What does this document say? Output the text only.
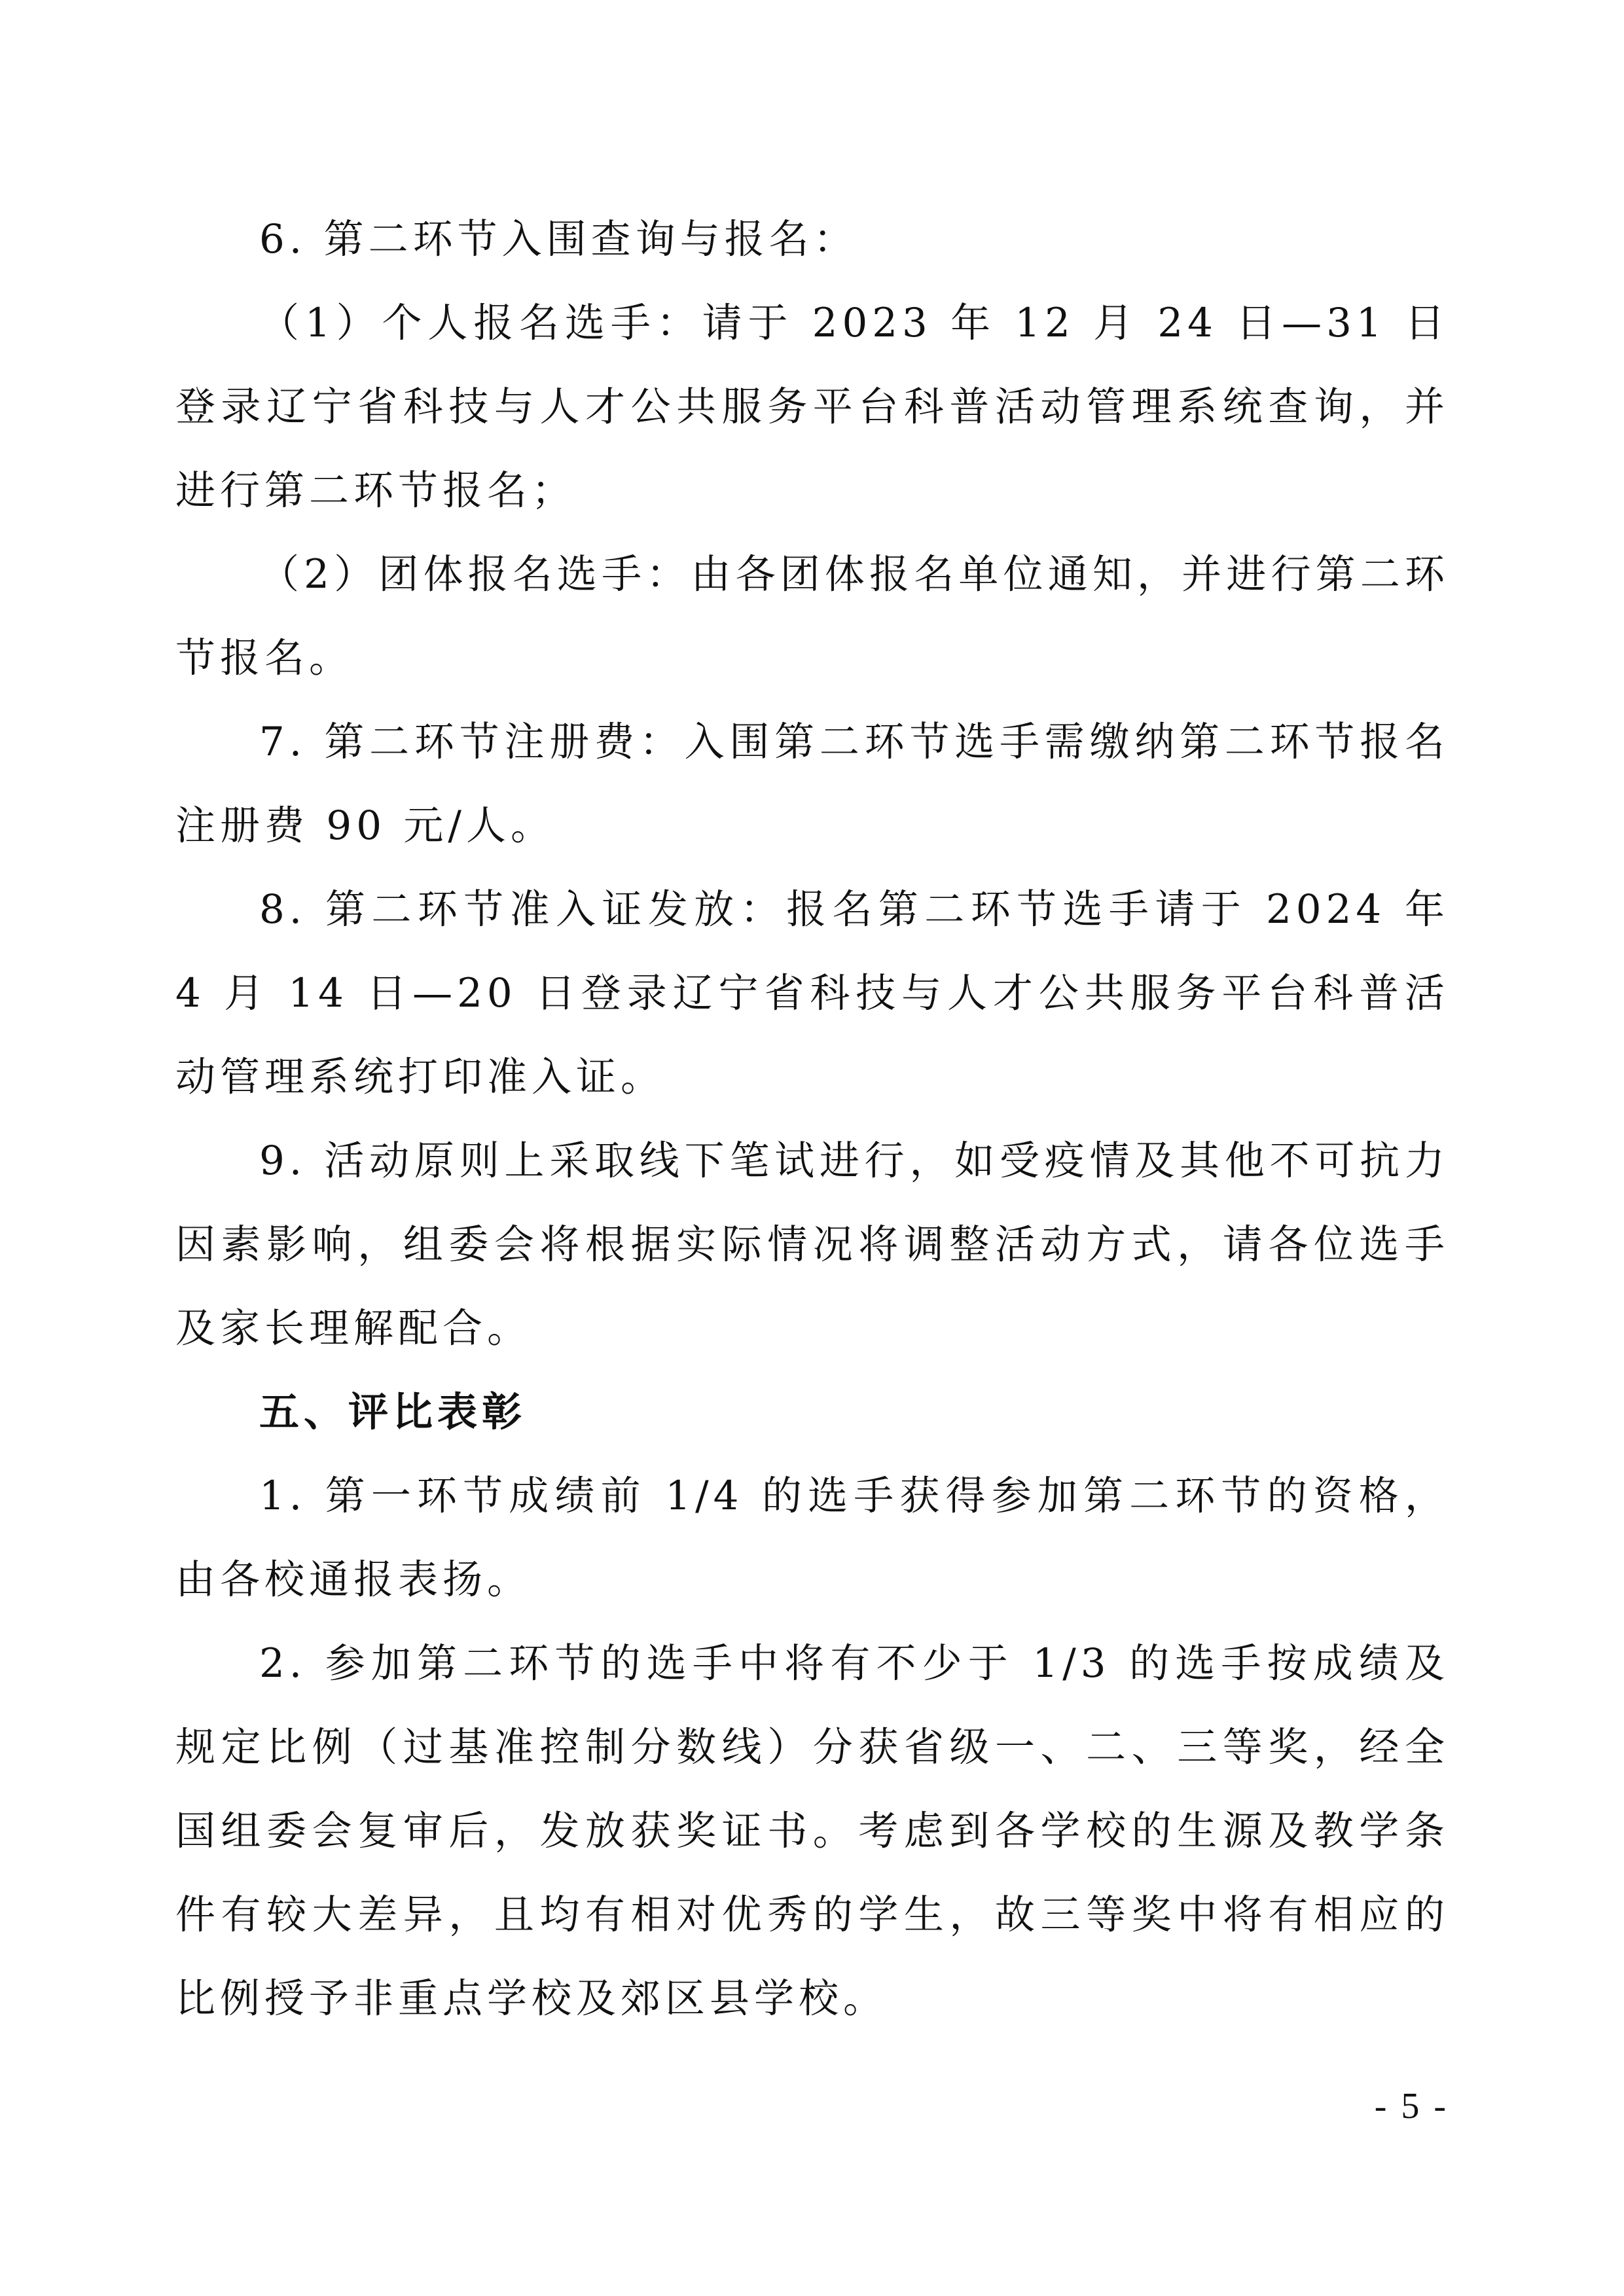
6. 第二环节入围查询与报名：

（1）个人报名选手：请于 2023 年 12 月 24 日—31 日登录辽宁省科技与人才公共服务平台科普活动管理系统查询，并进行第二环节报名；

（2）团体报名选手：由各团体报名单位通知，并进行第二环节报名。

7. 第二环节注册费：入围第二环节选手需缴纳第二环节报名注册费 90 元/人。

8. 第二环节准入证发放：报名第二环节选手请于 2024 年 4 月 14 日—20 日登录辽宁省科技与人才公共服务平台科普活动管理系统打印准入证。

9. 活动原则上采取线下笔试进行，如受疫情及其他不可抗力因素影响，组委会将根据实际情况将调整活动方式，请各位选手及家长理解配合。

五、评比表彰

1. 第一环节成绩前 1/4 的选手获得参加第二环节的资格，由各校通报表扬。

2. 参加第二环节的选手中将有不少于 1/3 的选手按成绩及规定比例（过基准控制分数线）分获省级一、二、三等奖，经全国组委会复审后，发放获奖证书。考虑到各学校的生源及教学条件有较大差异，且均有相对优秀的学生，故三等奖中将有相应的比例授予非重点学校及郊区县学校。

- 5 -
